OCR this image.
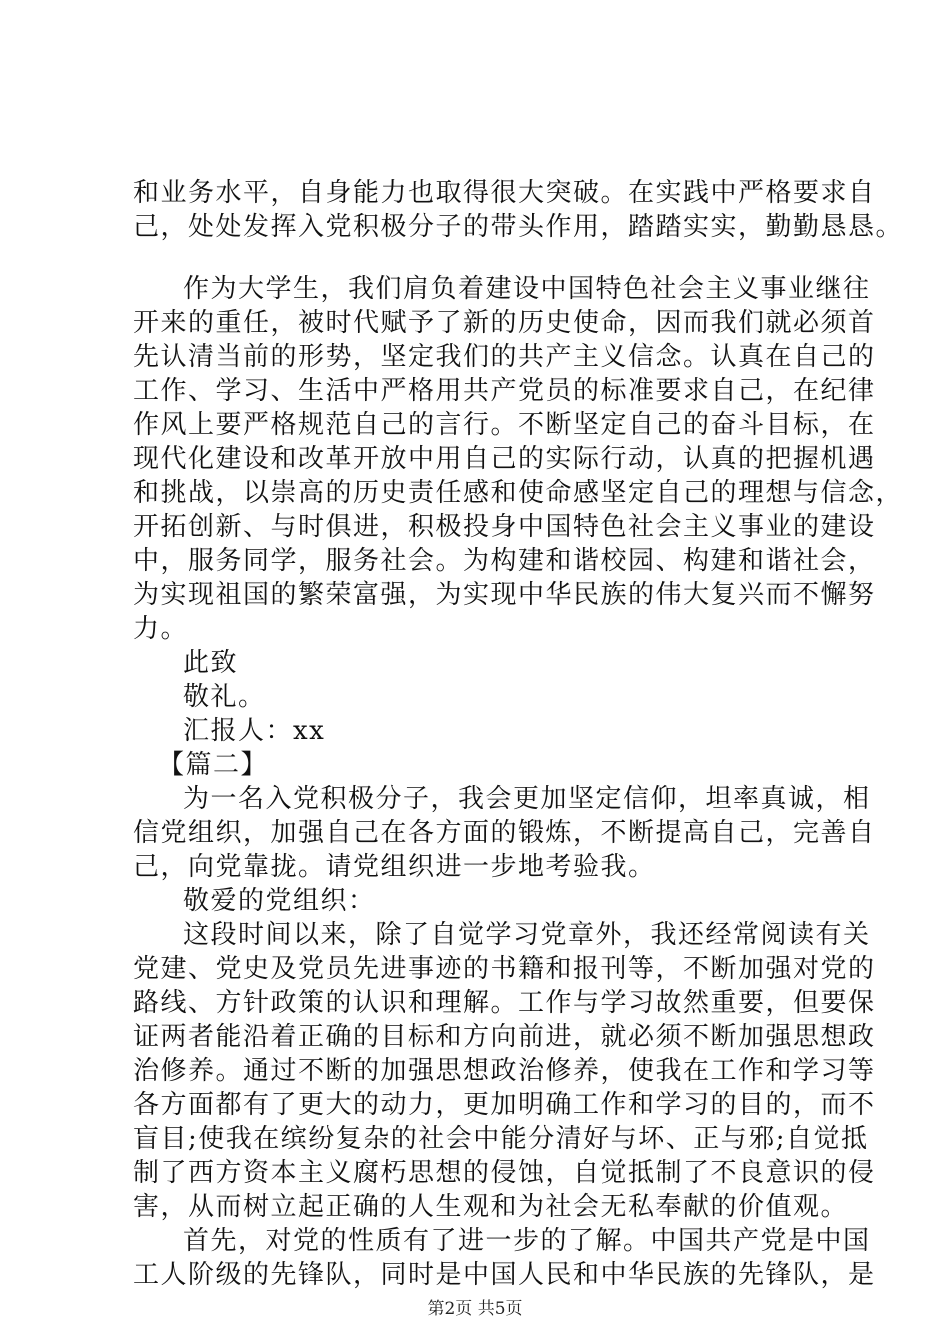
和业务水平，自身能力也取得很大突破。在实践中严格要求自
己，处处发挥入党积极分子的带头作用，踏踏实实，勤勤恳恳。
作为大学生，我们肩负着建设中国特色社会主义事业继往
开来的重任，被时代赋予了新的历史使命，因而我们就必须首
先认清当前的形势，坚定我们的共产主义信念。认真在自己的
工作、学习、生活中严格用共产党员的标准要求自己，在纪律
作风上要严格规范自己的言行。不断坚定自己的奋斗目标，在
现代化建设和改革开放中用自己的实际行动，认真的把握机遇
和挑战，以崇高的历史责任感和使命感坚定自己的理想与信念，
开拓创新、与时俱进，积极投身中国特色社会主义事业的建设
中，服务同学，服务社会。为构建和谐校园、构建和谐社会，
为实现祖国的繁荣富强，为实现中华民族的伟大复兴而不懈努
力。
此致
敬礼。
汇报人：xx
【篇二】
为一名入党积极分子，我会更加坚定信仰，坦率真诚，相
信党组织，加强自己在各方面的锻炼，不断提高自己，完善自
己，向党靠拢。请党组织进一步地考验我。
敬爱的党组织：
这段时间以来，除了自觉学习党章外，我还经常阅读有关
党建、党史及党员先进事迹的书籍和报刊等，不断加强对党的
路线、方针政策的认识和理解。工作与学习故然重要，但要保
证两者能沿着正确的目标和方向前进，就必须不断加强思想政
治修养。通过不断的加强思想政治修养，使我在工作和学习等
各方面都有了更大的动力，更加明确工作和学习的目的，而不
盲目;使我在缤纷复杂的社会中能分清好与坏、正与邪;自觉抵
制了西方资本主义腐朽思想的侵蚀，自觉抵制了不良意识的侵
害，从而树立起正确的人生观和为社会无私奉献的价值观。
首先，对党的性质有了进一步的了解。中国共产党是中国
工人阶级的先锋队，同时是中国人民和中华民族的先锋队，是
第2页 共5页
